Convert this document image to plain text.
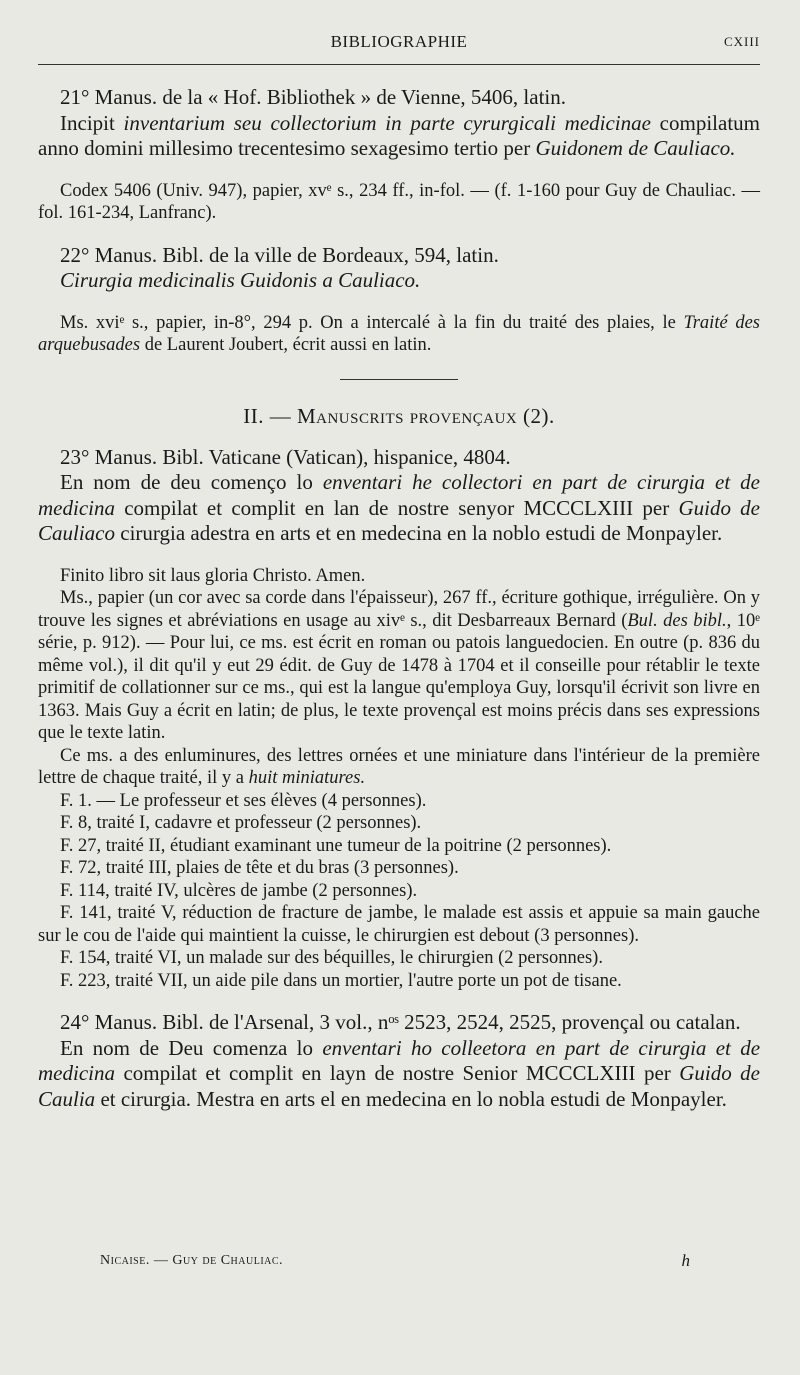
BIBLIOGRAPHIE	CXIII

21° Manus. de la « Hof. Bibliothek » de Vienne, 5406, latin.

Incipit inventarium seu collectorium in parte cyrurgicali medicinae compilatum anno domini millesimo trecentesimo sexagesimo tertio per Guidonem de Cauliaco.

Codex 5406 (Univ. 947), papier, xvᵉ s., 234 ff., in-fol. — (f. 1-160 pour Guy de Chauliac. — fol. 161-234, Lanfranc).

22° Manus. Bibl. de la ville de Bordeaux, 594, latin.

Cirurgia medicinalis Guidonis a Cauliaco.

Ms. xviᵉ s., papier, in-8°, 294 p. On a intercalé à la fin du traité des plaies, le Traité des arquebusades de Laurent Joubert, écrit aussi en latin.

II. — Manuscrits provençaux (2).

23° Manus. Bibl. Vaticane (Vatican), hispanice, 4804.

En nom de deu començo lo enventari he collectori en part de cirurgia et de medicina compilat et complit en lan de nostre senyor MCCCLXIII per Guido de Cauliaco cirurgia adestra en arts et en medecina en la noblo estudi de Monpayler.

Finito libro sit laus gloria Christo. Amen.

Ms., papier (un cor avec sa corde dans l'épaisseur), 267 ff., écriture gothique, irrégulière. On y trouve les signes et abréviations en usage au xivᵉ s., dit Desbarreaux Bernard (Bul. des bibl., 10ᵉ série, p. 912). — Pour lui, ce ms. est écrit en roman ou patois languedocien. En outre (p. 836 du même vol.), il dit qu'il y eut 29 édit. de Guy de 1478 à 1704 et il conseille pour rétablir le texte primitif de collationner sur ce ms., qui est la langue qu'employa Guy, lorsqu'il écrivit son livre en 1363. Mais Guy a écrit en latin; de plus, le texte provençal est moins précis dans ses expressions que le texte latin.

Ce ms. a des enluminures, des lettres ornées et une miniature dans l'intérieur de la première lettre de chaque traité, il y a huit miniatures.

F. 1. — Le professeur et ses élèves (4 personnes).

F. 8, traité I, cadavre et professeur (2 personnes).

F. 27, traité II, étudiant examinant une tumeur de la poitrine (2 personnes).

F. 72, traité III, plaies de tête et du bras (3 personnes).

F. 114, traité IV, ulcères de jambe (2 personnes).

F. 141, traité V, réduction de fracture de jambe, le malade est assis et appuie sa main gauche sur le cou de l'aide qui maintient la cuisse, le chirurgien est debout (3 personnes).

F. 154, traité VI, un malade sur des béquilles, le chirurgien (2 personnes).

F. 223, traité VII, un aide pile dans un mortier, l'autre porte un pot de tisane.

24° Manus. Bibl. de l'Arsenal, 3 vol., nᵒˢ 2523, 2524, 2525, provençal ou catalan.

En nom de Deu comenza lo enventari ho colleetora en part de cirurgia et de medicina compilat et complit en layn de nostre Senior MCCCLXIII per Guido de Caulia et cirurgia. Mestra en arts el en medecina en lo nobla estudi de Monpayler.

Nicaise. — Guy de Chauliac.	h
